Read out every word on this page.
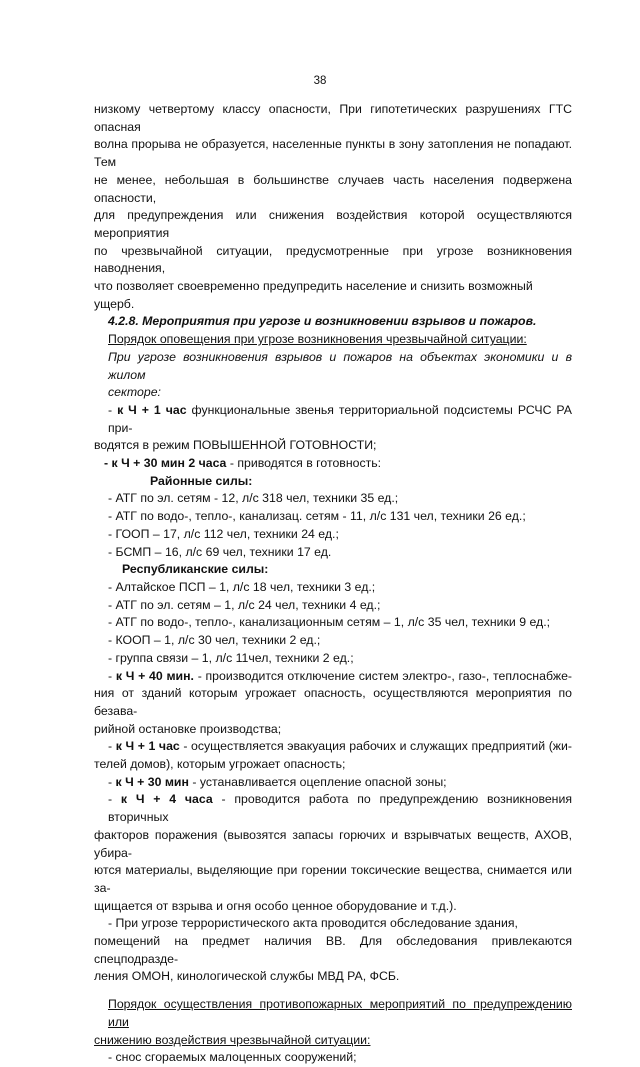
38

низкому четвертому классу опасности, При гипотетических разрушениях ГТС опасная

волна прорыва не образуется, населенные пункты в зону затопления не попадают. Тем

не менее, небольшая в большинстве случаев часть населения подвержена опасности,

для предупреждения или снижения воздействия которой осуществляются мероприятия

по чрезвычайной ситуации, предусмотренные при угрозе возникновения наводнения,

что позволяет своевременно предупредить население и снизить возможный ущерб.

4.2.8. Мероприятия при угрозе и возникновении взрывов и пожаров.

Порядок оповещения при угрозе возникновения чрезвычайной ситуации:

При угрозе возникновения взрывов и пожаров на объектах экономики и в жилом

секторе:

- к Ч + 1 час функциональные звенья территориальной подсистемы РСЧС РА при-

водятся в режим ПОВЫШЕННОЙ ГОТОВНОСТИ;

- к Ч + 30 мин 2 часа - приводятся в готовность:

Районные силы:

- АТГ по эл. сетям - 12, л/с 318 чел, техники 35 ед.;

- АТГ по водо-, тепло-, канализац. сетям - 11, л/с 131 чел, техники 26 ед.;

- ГООП – 17, л/с 112 чел, техники 24 ед.;

- БСМП – 16, л/с 69 чел, техники 17 ед.

Республиканские силы:

- Алтайское ПСП – 1, л/с 18 чел, техники 3 ед.;

- АТГ по эл. сетям – 1, л/с 24 чел, техники 4 ед.;

- АТГ по водо-, тепло-, канализационным сетям – 1, л/с 35 чел, техники 9 ед.;

- КООП – 1, л/с 30 чел, техники 2 ед.;

- группа связи – 1, л/с 11чел, техники 2 ед.;

- к Ч + 40 мин. - производится отключение систем электро-, газо-, теплоснабже-

ния от зданий которым угрожает опасность, осуществляются мероприятия по безава-

рийной остановке производства;

- к Ч + 1 час - осуществляется эвакуация рабочих и служащих предприятий (жи-

телей домов), которым угрожает опасность;

- к Ч + 30 мин - устанавливается оцепление опасной зоны;

- к Ч + 4 часа - проводится работа по предупреждению возникновения вторичных

факторов поражения (вывозятся запасы горючих и взрывчатых веществ, АХОВ, убира-

ются материалы, выделяющие при горении токсические вещества, снимается или за-

щищается от взрыва и огня особо ценное оборудование и т.д.).

- При угрозе террористического акта проводится обследование здания,

помещений на предмет наличия ВВ. Для обследования привлекаются спецподразде-

ления ОМОН, кинологической службы МВД РА, ФСБ.

Порядок осуществления противопожарных мероприятий по предупреждению или

снижению воздействия чрезвычайной ситуации:

- снос сгораемых малоценных сооружений;
